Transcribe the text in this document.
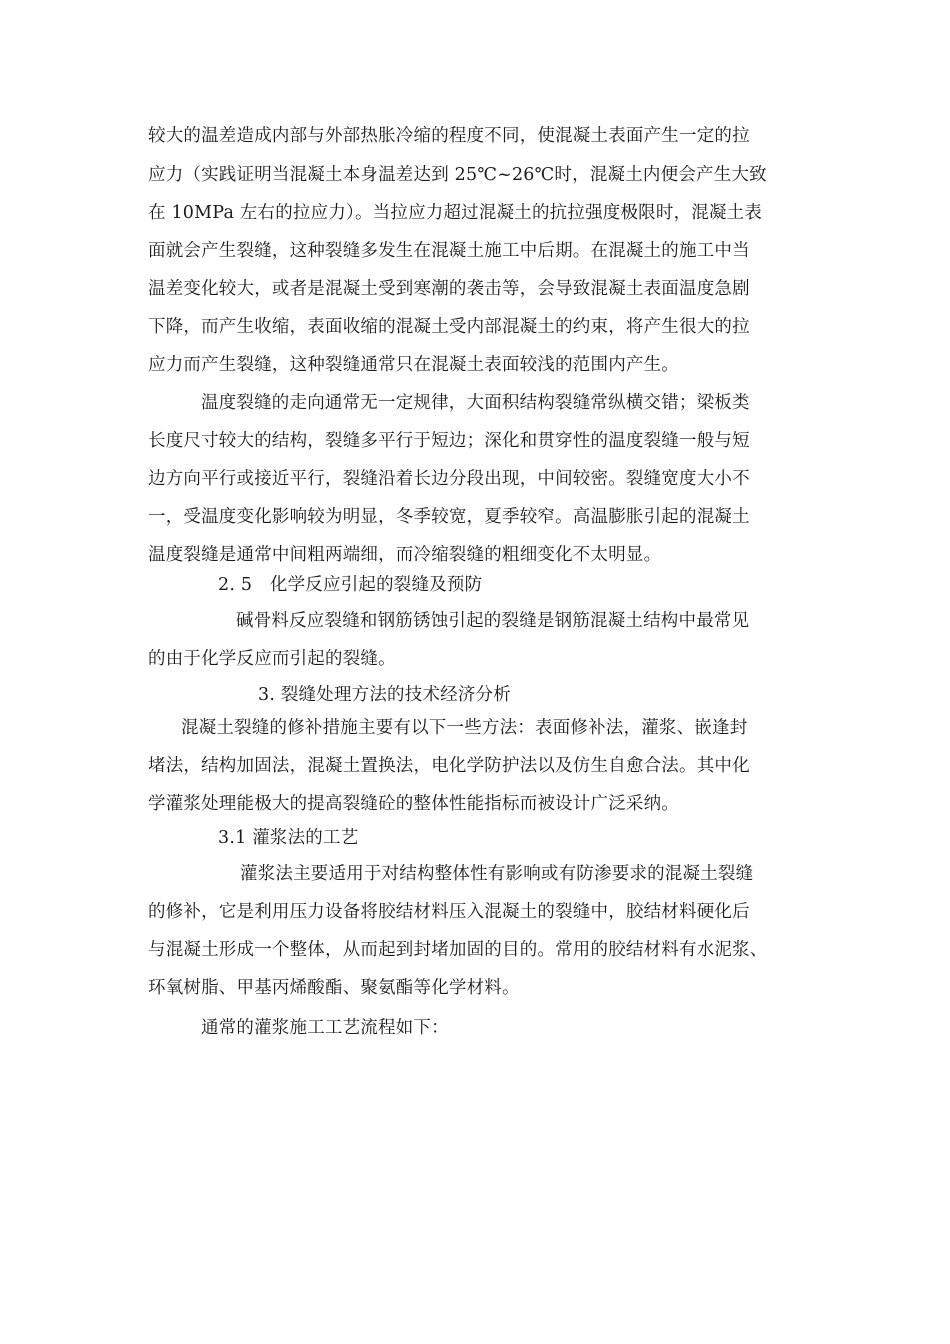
较大的温差造成内部与外部热胀冷缩的程度不同，使混凝土表面产生一定的拉
应力（实践证明当混凝土本身温差达到 25℃~26℃时，混凝土内便会产生大致
在 10MPa 左右的拉应力）。当拉应力超过混凝土的抗拉强度极限时，混凝土表
面就会产生裂缝，这种裂缝多发生在混凝土施工中后期。在混凝土的施工中当
温差变化较大，或者是混凝土受到寒潮的袭击等，会导致混凝土表面温度急剧
下降，而产生收缩，表面收缩的混凝土受内部混凝土的约束，将产生很大的拉
应力而产生裂缝，这种裂缝通常只在混凝土表面较浅的范围内产生。
温度裂缝的走向通常无一定规律，大面积结构裂缝常纵横交错；梁板类
长度尺寸较大的结构，裂缝多平行于短边；深化和贯穿性的温度裂缝一般与短
边方向平行或接近平行，裂缝沿着长边分段出现，中间较密。裂缝宽度大小不
一，受温度变化影响较为明显，冬季较宽，夏季较窄。高温膨胀引起的混凝土
温度裂缝是通常中间粗两端细，而冷缩裂缝的粗细变化不太明显。
2. 5　化学反应引起的裂缝及预防
碱骨料反应裂缝和钢筋锈蚀引起的裂缝是钢筋混凝土结构中最常见
的由于化学反应而引起的裂缝。
3. 裂缝处理方法的技术经济分析
混凝土裂缝的修补措施主要有以下一些方法：表面修补法，灌浆、嵌逢封
堵法，结构加固法，混凝土置换法，电化学防护法以及仿生自愈合法。其中化
学灌浆处理能极大的提高裂缝砼的整体性能指标而被设计广泛采纳。
3.1 灌浆法的工艺
灌浆法主要适用于对结构整体性有影响或有防渗要求的混凝土裂缝
的修补，它是利用压力设备将胶结材料压入混凝土的裂缝中，胶结材料硬化后
与混凝土形成一个整体，从而起到封堵加固的目的。常用的胶结材料有水泥浆、
环氧树脂、甲基丙烯酸酯、聚氨酯等化学材料。
通常的灌浆施工工艺流程如下：
